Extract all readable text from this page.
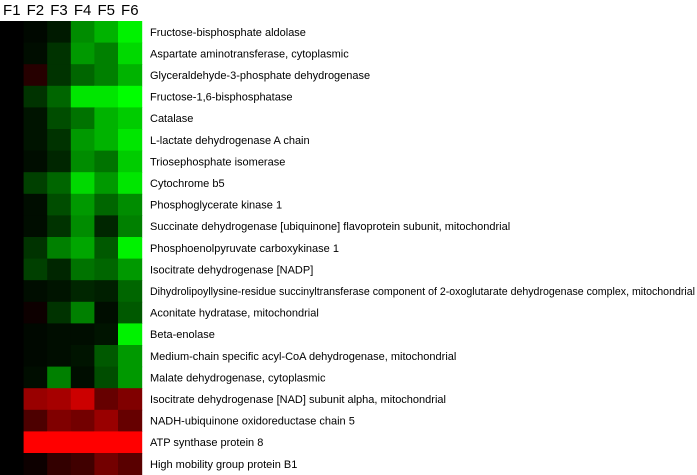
F1 F2 F3 F4 F5 F6
Fructose-bisphosphate aldolase
Aspartate aminotransferase, cytoplasmic
Glyceraldehyde-3-phosphate dehydrogenase
Fructose-1,6-bisphosphatase
Catalase
L-lactate dehydrogenase A chain
Triosephosphate isomerase
Cytochrome b5
Phosphoglycerate kinase 1
Succinate dehydrogenase [ubiquinone] flavoprotein subunit, mitochondrial
Phosphoenolpyruvate carboxykinase 1
Isocitrate dehydrogenase [NADP]
Dihydrolipoyllysine-residue succinyltransferase component of 2-oxoglutarate dehydrogenase complex, mitochondrial
Aconitate hydratase, mitochondrial
Beta-enolase
Medium-chain specific acyl-CoA dehydrogenase, mitochondrial
Malate dehydrogenase, cytoplasmic
Isocitrate dehydrogenase [NAD] subunit alpha, mitochondrial
NADH-ubiquinone oxidoreductase chain 5
ATP synthase protein 8
High mobility group protein B1
